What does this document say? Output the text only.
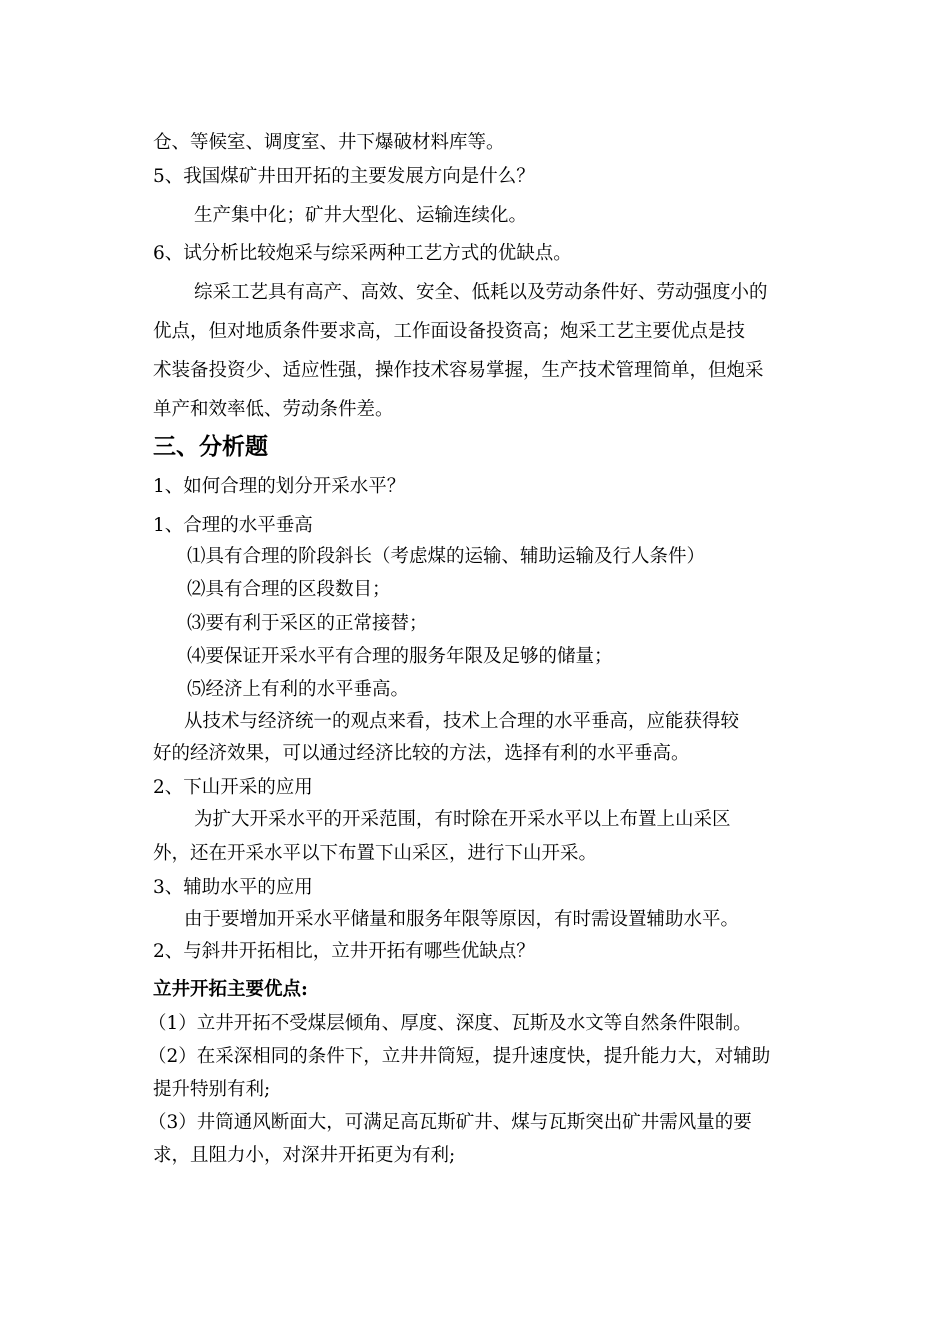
仓、等候室、调度室、井下爆破材料库等。
5、我国煤矿井田开拓的主要发展方向是什么？
生产集中化；矿井大型化、运输连续化。
6、试分析比较炮采与综采两种工艺方式的优缺点。
综采工艺具有高产、高效、安全、低耗以及劳动条件好、劳动强度小的
优点，但对地质条件要求高，工作面设备投资高；炮采工艺主要优点是技
术装备投资少、适应性强，操作技术容易掌握，生产技术管理简单，但炮采
单产和效率低、劳动条件差。
三、分析题
1、如何合理的划分开采水平？
1、合理的水平垂高
⑴具有合理的阶段斜长（考虑煤的运输、辅助运输及行人条件）
⑵具有合理的区段数目；
⑶要有利于采区的正常接替；
⑷要保证开采水平有合理的服务年限及足够的储量；
⑸经济上有利的水平垂高。
从技术与经济统一的观点来看，技术上合理的水平垂高，应能获得较
好的经济效果，可以通过经济比较的方法，选择有利的水平垂高。
2、下山开采的应用
为扩大开采水平的开采范围，有时除在开采水平以上布置上山采区
外，还在开采水平以下布置下山采区，进行下山开采。
3、辅助水平的应用
由于要增加开采水平储量和服务年限等原因，有时需设置辅助水平。
2、与斜井开拓相比，立井开拓有哪些优缺点？
立井开拓主要优点:
（1）立井开拓不受煤层倾角、厚度、深度、瓦斯及水文等自然条件限制。
（2）在采深相同的条件下，立井井筒短，提升速度快，提升能力大，对辅助
提升特别有利;
（3）井筒通风断面大，可满足高瓦斯矿井、煤与瓦斯突出矿井需风量的要
求，且阻力小，对深井开拓更为有利;
